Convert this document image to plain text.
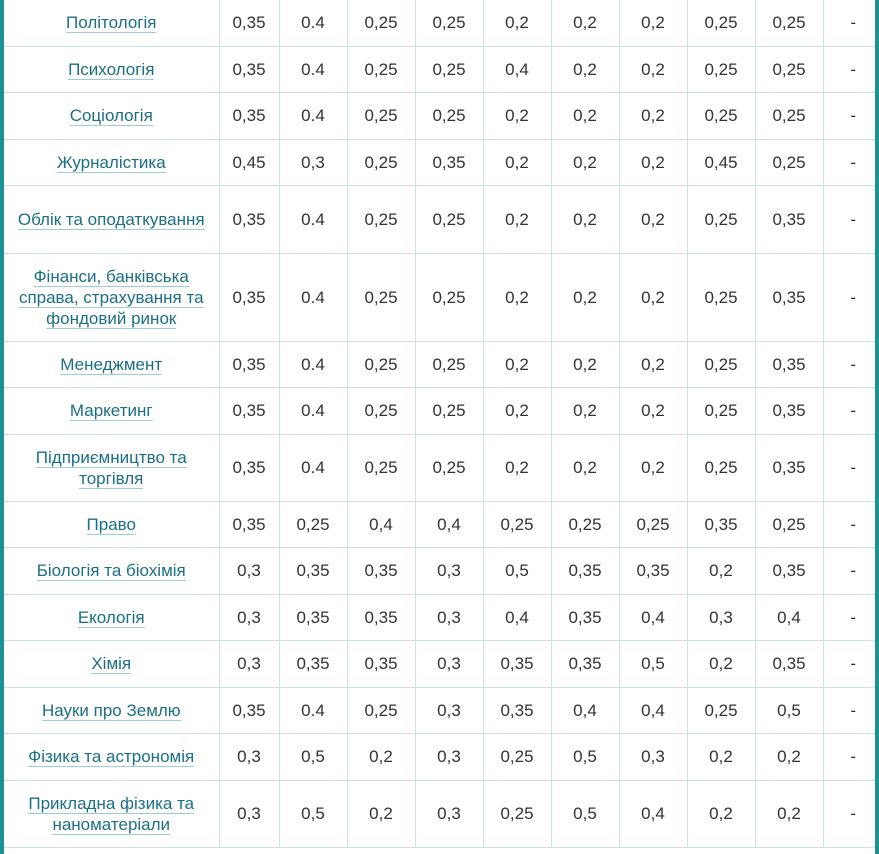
Політологія	0,35	0.4	0,25	0,25	0,2	0,2	0,2	0,25	0,25	-
Психологія	0,35	0.4	0,25	0,25	0,4	0,2	0,2	0,25	0,25	-
Соціологія	0,35	0.4	0,25	0,25	0,2	0,2	0,2	0,25	0,25	-
Журналістика	0,45	0,3	0,25	0,35	0,2	0,2	0,2	0,45	0,25	-
Облік та оподаткування	0,35	0.4	0,25	0,25	0,2	0,2	0,2	0,25	0,35	-
Фінанси, банківська справа, страхування та фондовий ринок	0,35	0.4	0,25	0,25	0,2	0,2	0,2	0,25	0,35	-
Менеджмент	0,35	0.4	0,25	0,25	0,2	0,2	0,2	0,25	0,35	-
Маркетинг	0,35	0.4	0,25	0,25	0,2	0,2	0,2	0,25	0,35	-
Підприємництво та торгівля	0,35	0.4	0,25	0,25	0,2	0,2	0,2	0,25	0,35	-
Право	0,35	0,25	0,4	0,4	0,25	0,25	0,25	0,35	0,25	-
Біологія та біохімія	0,3	0,35	0,35	0,3	0,5	0,35	0,35	0,2	0,35	-
Екологія	0,3	0,35	0,35	0,3	0,4	0,35	0,4	0,3	0,4	-
Хімія	0,3	0,35	0,35	0,3	0,35	0,35	0,5	0,2	0,35	-
Науки про Землю	0,35	0.4	0,25	0,3	0,35	0,4	0,4	0,25	0,5	-
Фізика та астрономія	0,3	0,5	0,2	0,3	0,25	0,5	0,3	0,2	0,2	-
Прикладна фізика та наноматеріали	0,3	0,5	0,2	0,3	0,25	0,5	0,4	0,2	0,2	-
